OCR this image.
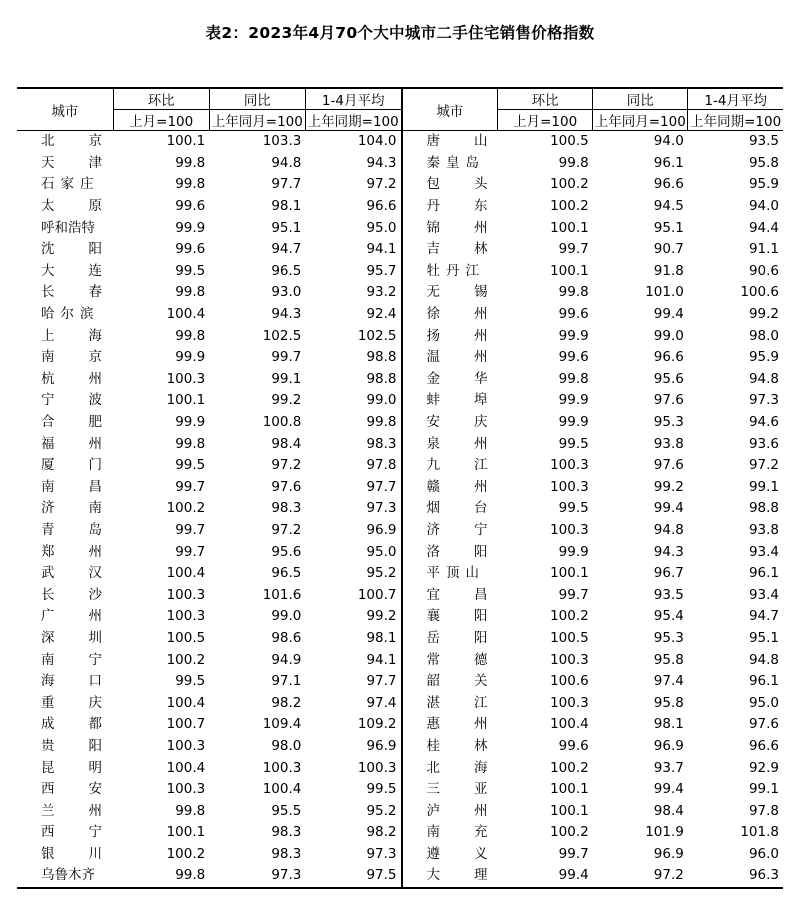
表2：2023年4月70个大中城市二手住宅销售价格指数
城市	环比	同比	1-4月平均	城市	环比	同比	1-4月平均
	上月=100	上年同月=100	上年同期=100		上月=100	上年同月=100	上年同期=100
北京	100.1	103.3	104.0	唐山	100.5	94.0	93.5
天津	99.8	94.8	94.3	秦皇岛	99.8	96.1	95.8
石家庄	99.8	97.7	97.2	包头	100.2	96.6	95.9
太原	99.6	98.1	96.6	丹东	100.2	94.5	94.0
呼和浩特	99.9	95.1	95.0	锦州	100.1	95.1	94.4
沈阳	99.6	94.7	94.1	吉林	99.7	90.7	91.1
大连	99.5	96.5	95.7	牡丹江	100.1	91.8	90.6
长春	99.8	93.0	93.2	无锡	99.8	101.0	100.6
哈尔滨	100.4	94.3	92.4	徐州	99.6	99.4	99.2
上海	99.8	102.5	102.5	扬州	99.9	99.0	98.0
南京	99.9	99.7	98.8	温州	99.6	96.6	95.9
杭州	100.3	99.1	98.8	金华	99.8	95.6	94.8
宁波	100.1	99.2	99.0	蚌埠	99.9	97.6	97.3
合肥	99.9	100.8	99.8	安庆	99.9	95.3	94.6
福州	99.8	98.4	98.3	泉州	99.5	93.8	93.6
厦门	99.5	97.2	97.8	九江	100.3	97.6	97.2
南昌	99.7	97.6	97.7	赣州	100.3	99.2	99.1
济南	100.2	98.3	97.3	烟台	99.5	99.4	98.8
青岛	99.7	97.2	96.9	济宁	100.3	94.8	93.8
郑州	99.7	95.6	95.0	洛阳	99.9	94.3	93.4
武汉	100.4	96.5	95.2	平顶山	100.1	96.7	96.1
长沙	100.3	101.6	100.7	宜昌	99.7	93.5	93.4
广州	100.3	99.0	99.2	襄阳	100.2	95.4	94.7
深圳	100.5	98.6	98.1	岳阳	100.5	95.3	95.1
南宁	100.2	94.9	94.1	常德	100.3	95.8	94.8
海口	99.5	97.1	97.7	韶关	100.6	97.4	96.1
重庆	100.4	98.2	97.4	湛江	100.3	95.8	95.0
成都	100.7	109.4	109.2	惠州	100.4	98.1	97.6
贵阳	100.3	98.0	96.9	桂林	99.6	96.9	96.6
昆明	100.4	100.3	100.3	北海	100.2	93.7	92.9
西安	100.3	100.4	99.5	三亚	100.1	99.4	99.1
兰州	99.8	95.5	95.2	泸州	100.1	98.4	97.8
西宁	100.1	98.3	98.2	南充	100.2	101.9	101.8
银川	100.2	98.3	97.3	遵义	99.7	96.9	96.0
乌鲁木齐	99.8	97.3	97.5	大理	99.4	97.2	96.3
